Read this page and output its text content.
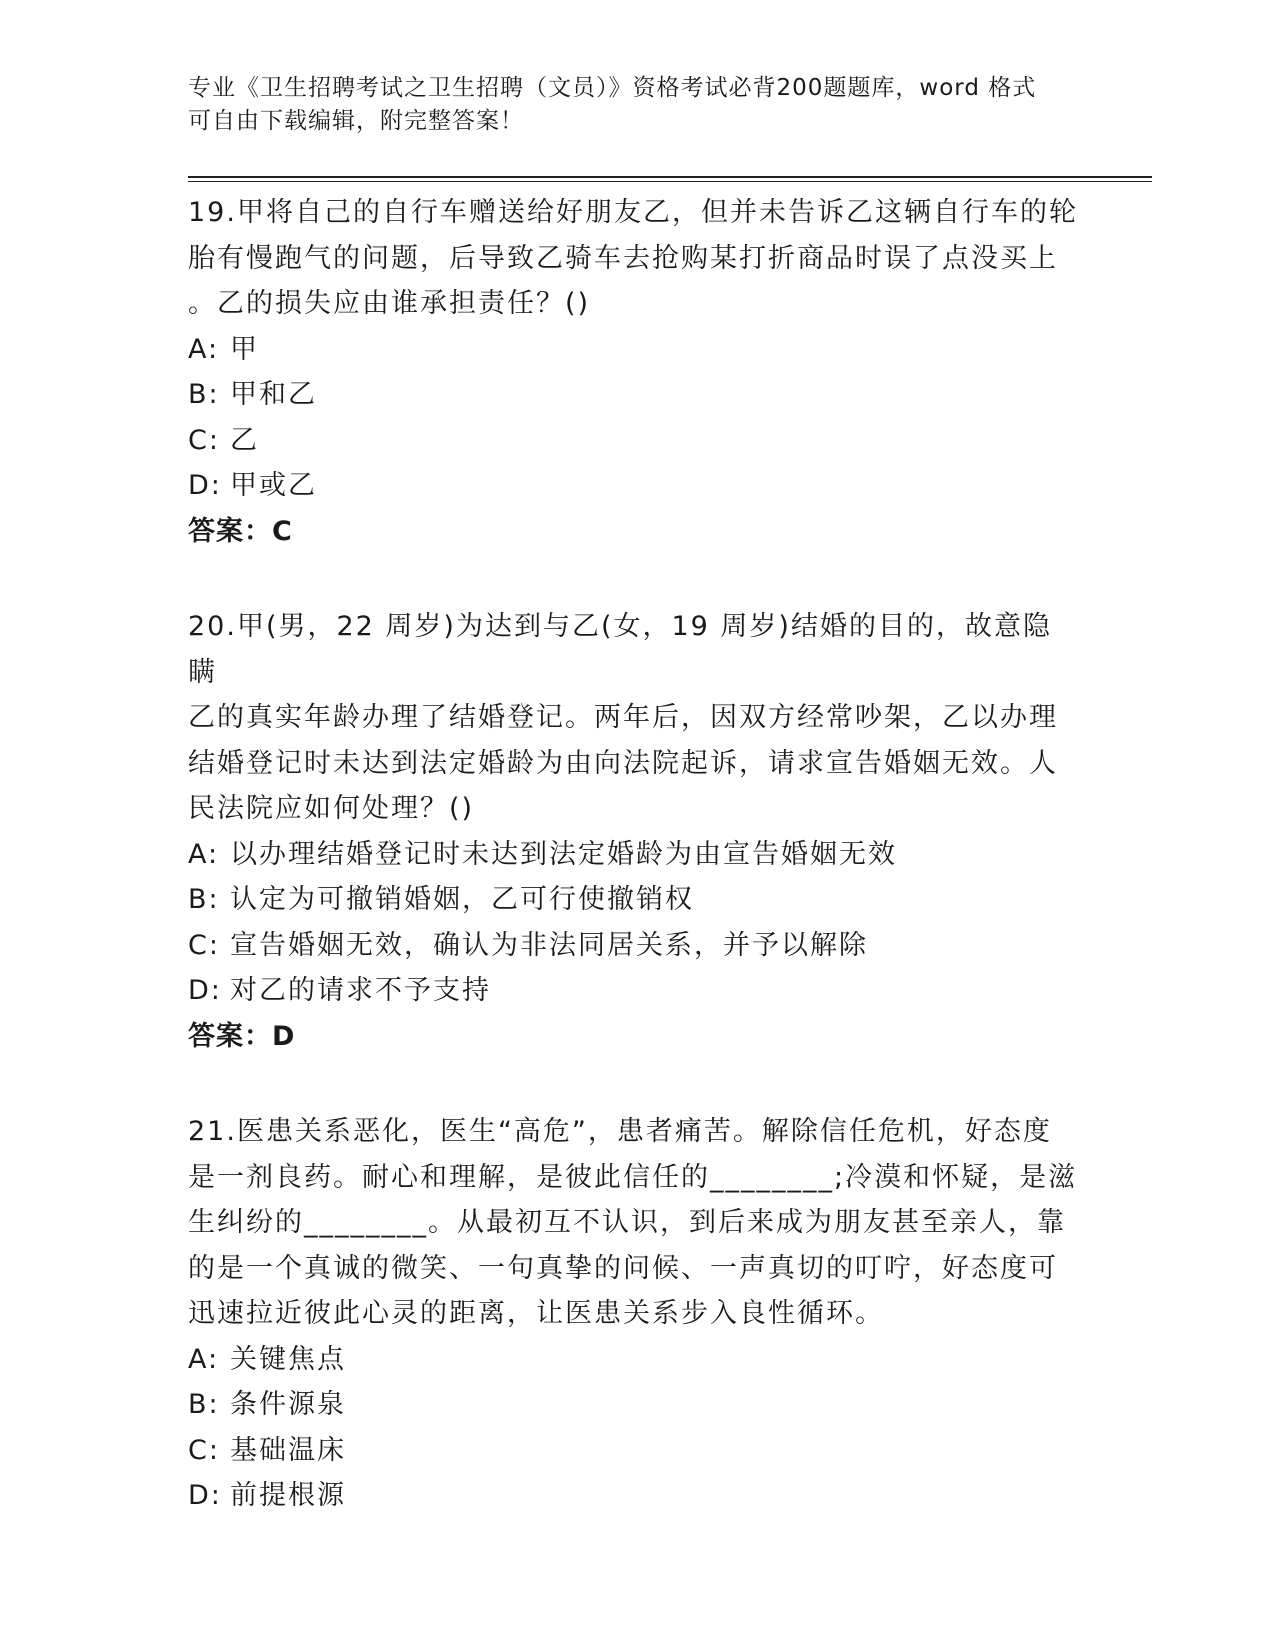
专业《卫生招聘考试之卫生招聘（文员）》资格考试必背200题题库，word 格式
可自由下载编辑，附完整答案！

19.甲将自己的自行车赠送给好朋友乙，但并未告诉乙这辆自行车的轮

胎有慢跑气的问题，后导致乙骑车去抢购某打折商品时误了点没买上

。乙的损失应由谁承担责任？()

A: 甲

B: 甲和乙

C: 乙

D: 甲或乙

答案：C

20.甲(男，22 周岁)为达到与乙(女，19 周岁)结婚的目的，故意隐瞒

乙的真实年龄办理了结婚登记。两年后，因双方经常吵架，乙以办理

结婚登记时未达到法定婚龄为由向法院起诉，请求宣告婚姻无效。人

民法院应如何处理？()

A: 以办理结婚登记时未达到法定婚龄为由宣告婚姻无效

B: 认定为可撤销婚姻，乙可行使撤销权

C: 宣告婚姻无效，确认为非法同居关系，并予以解除

D: 对乙的请求不予支持

答案：D

21.医患关系恶化，医生“高危”，患者痛苦。解除信任危机，好态度

是一剂良药。耐心和理解，是彼此信任的________;冷漠和怀疑，是滋

生纠纷的________。从最初互不认识，到后来成为朋友甚至亲人，靠

的是一个真诚的微笑、一句真挚的问候、一声真切的叮咛，好态度可

迅速拉近彼此心灵的距离，让医患关系步入良性循环。

A: 关键焦点

B: 条件源泉

C: 基础温床

D: 前提根源
